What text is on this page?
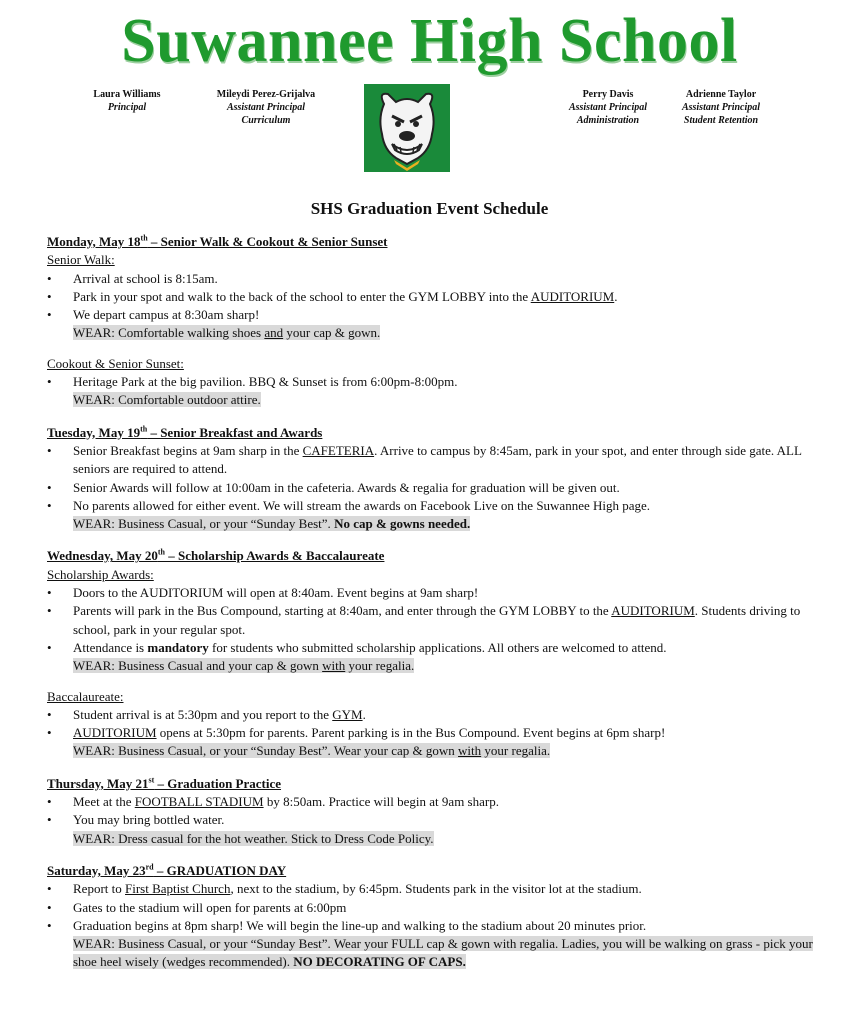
Suwannee High School
Laura Williams
Principal
Mileydi Perez-Grijalva
Assistant Principal
Curriculum
Perry Davis
Assistant Principal
Administration
Adrienne Taylor
Assistant Principal
Student Retention
SHS Graduation Event Schedule
Monday, May 18th – Senior Walk & Cookout & Senior Sunset
Senior Walk:
• Arrival at school is 8:15am.
• Park in your spot and walk to the back of the school to enter the GYM LOBBY into the AUDITORIUM.
• We depart campus at 8:30am sharp!
WEAR: Comfortable walking shoes and your cap & gown.
Cookout & Senior Sunset:
• Heritage Park at the big pavilion. BBQ & Sunset is from 6:00pm-8:00pm.
WEAR: Comfortable outdoor attire.
Tuesday, May 19th – Senior Breakfast and Awards
• Senior Breakfast begins at 9am sharp in the CAFETERIA. Arrive to campus by 8:45am, park in your spot, and enter through side gate. ALL seniors are required to attend.
• Senior Awards will follow at 10:00am in the cafeteria. Awards & regalia for graduation will be given out.
• No parents allowed for either event. We will stream the awards on Facebook Live on the Suwannee High page.
WEAR: Business Casual, or your “Sunday Best”. No cap & gowns needed.
Wednesday, May 20th – Scholarship Awards & Baccalaureate
Scholarship Awards:
• Doors to the AUDITORIUM will open at 8:40am. Event begins at 9am sharp!
• Parents will park in the Bus Compound, starting at 8:40am, and enter through the GYM LOBBY to the AUDITORIUM. Students driving to school, park in your regular spot.
• Attendance is mandatory for students who submitted scholarship applications. All others are welcomed to attend.
WEAR: Business Casual and your cap & gown with your regalia.
Baccalaureate:
• Student arrival is at 5:30pm and you report to the GYM.
• AUDITORIUM opens at 5:30pm for parents. Parent parking is in the Bus Compound. Event begins at 6pm sharp!
WEAR: Business Casual, or your “Sunday Best”. Wear your cap & gown with your regalia.
Thursday, May 21st – Graduation Practice
• Meet at the FOOTBALL STADIUM by 8:50am. Practice will begin at 9am sharp.
• You may bring bottled water.
WEAR: Dress casual for the hot weather. Stick to Dress Code Policy.
Saturday, May 23rd – GRADUATION DAY
• Report to First Baptist Church, next to the stadium, by 6:45pm. Students park in the visitor lot at the stadium.
• Gates to the stadium will open for parents at 6:00pm
• Graduation begins at 8pm sharp! We will begin the line-up and walking to the stadium about 20 minutes prior.
WEAR: Business Casual, or your “Sunday Best”. Wear your FULL cap & gown with regalia. Ladies, you will be walking on grass - pick your shoe heel wisely (wedges recommended). NO DECORATING OF CAPS.
